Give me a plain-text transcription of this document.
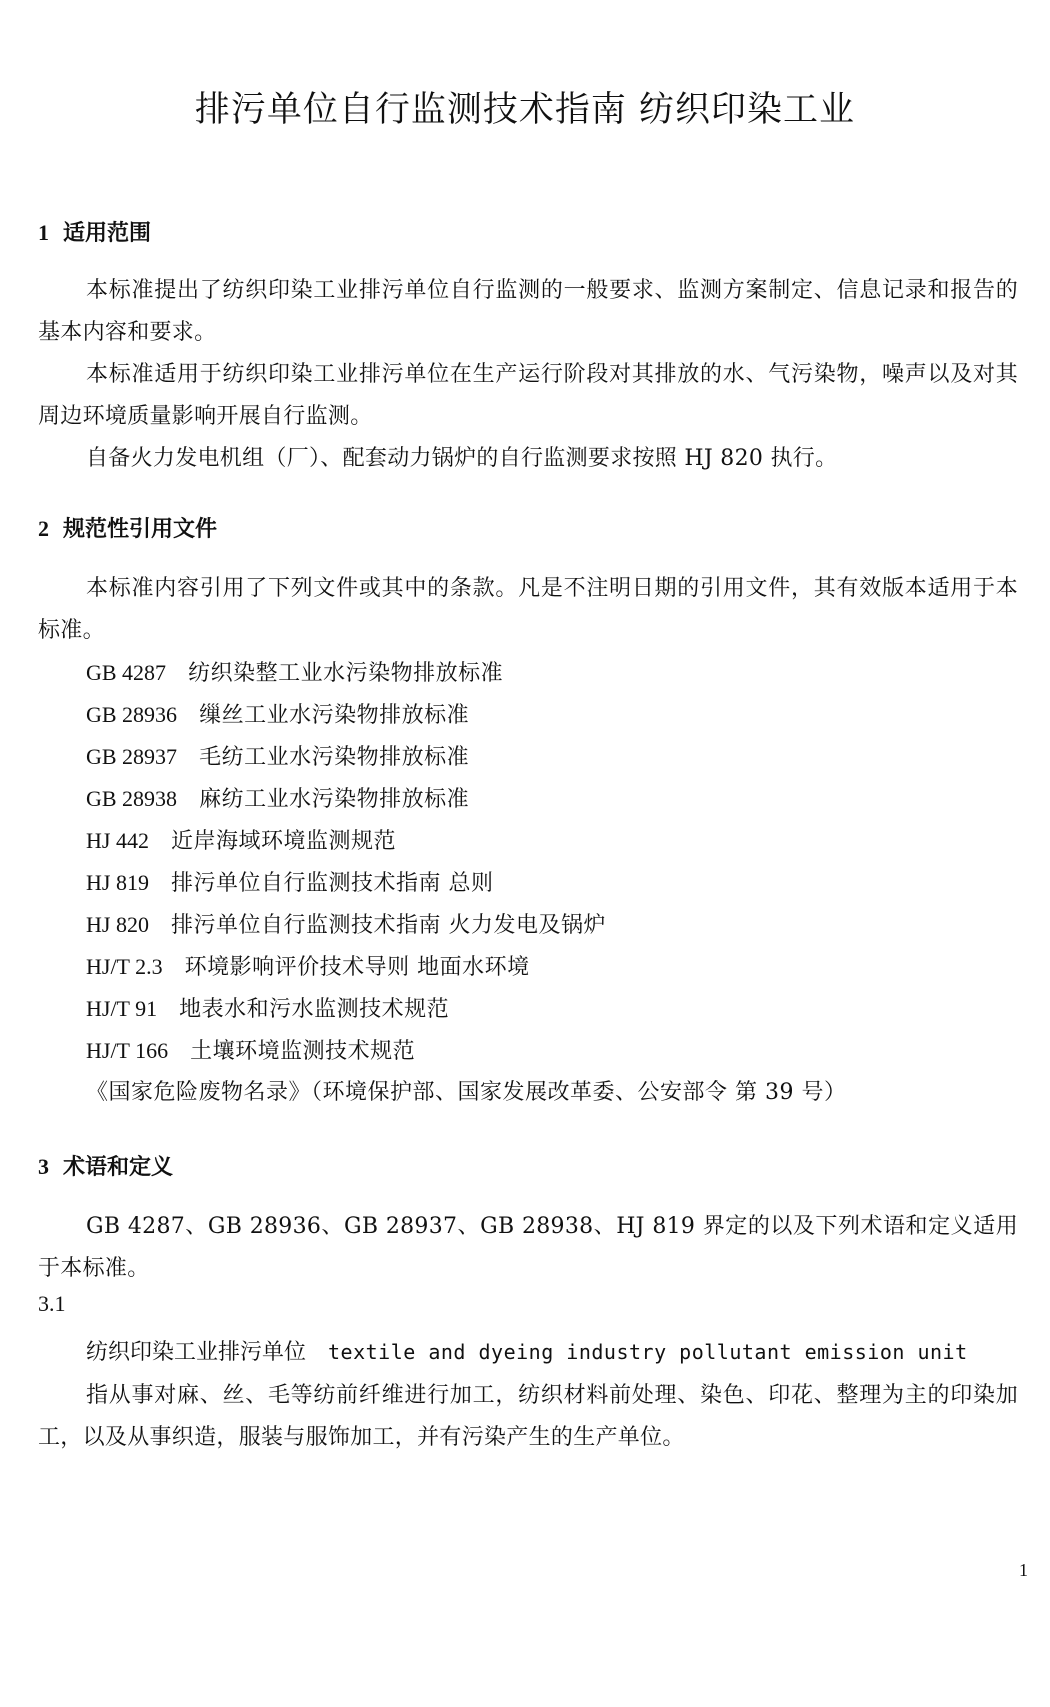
排污单位自行监测技术指南 纺织印染工业
1 适用范围

本标准提出了纺织印染工业排污单位自行监测的一般要求、监测方案制定、信息记录和报告的基本内容和要求。

本标准适用于纺织印染工业排污单位在生产运行阶段对其排放的水、气污染物，噪声以及对其周边环境质量影响开展自行监测。

自备火力发电机组（厂）、配套动力锅炉的自行监测要求按照 HJ 820 执行。

2 规范性引用文件

本标准内容引用了下列文件或其中的条款。凡是不注明日期的引用文件，其有效版本适用于本标准。

GB 4287 纺织染整工业水污染物排放标准
GB 28936 缫丝工业水污染物排放标准
GB 28937 毛纺工业水污染物排放标准
GB 28938 麻纺工业水污染物排放标准
HJ 442 近岸海域环境监测规范
HJ 819 排污单位自行监测技术指南 总则
HJ 820 排污单位自行监测技术指南 火力发电及锅炉
HJ/T 2.3 环境影响评价技术导则 地面水环境
HJ/T 91 地表水和污水监测技术规范
HJ/T 166 土壤环境监测技术规范
《国家危险废物名录》（环境保护部、国家发展改革委、公安部令 第 39 号）
3 术语和定义

GB 4287、GB 28936、GB 28937、GB 28938、HJ 819 界定的以及下列术语和定义适用于本标准。

3.1

纺织印染工业排污单位 textile and dyeing industry pollutant emission unit

指从事对麻、丝、毛等纺前纤维进行加工，纺织材料前处理、染色、印花、整理为主的印染加工，以及从事织造，服装与服饰加工，并有污染产生的生产单位。

1
